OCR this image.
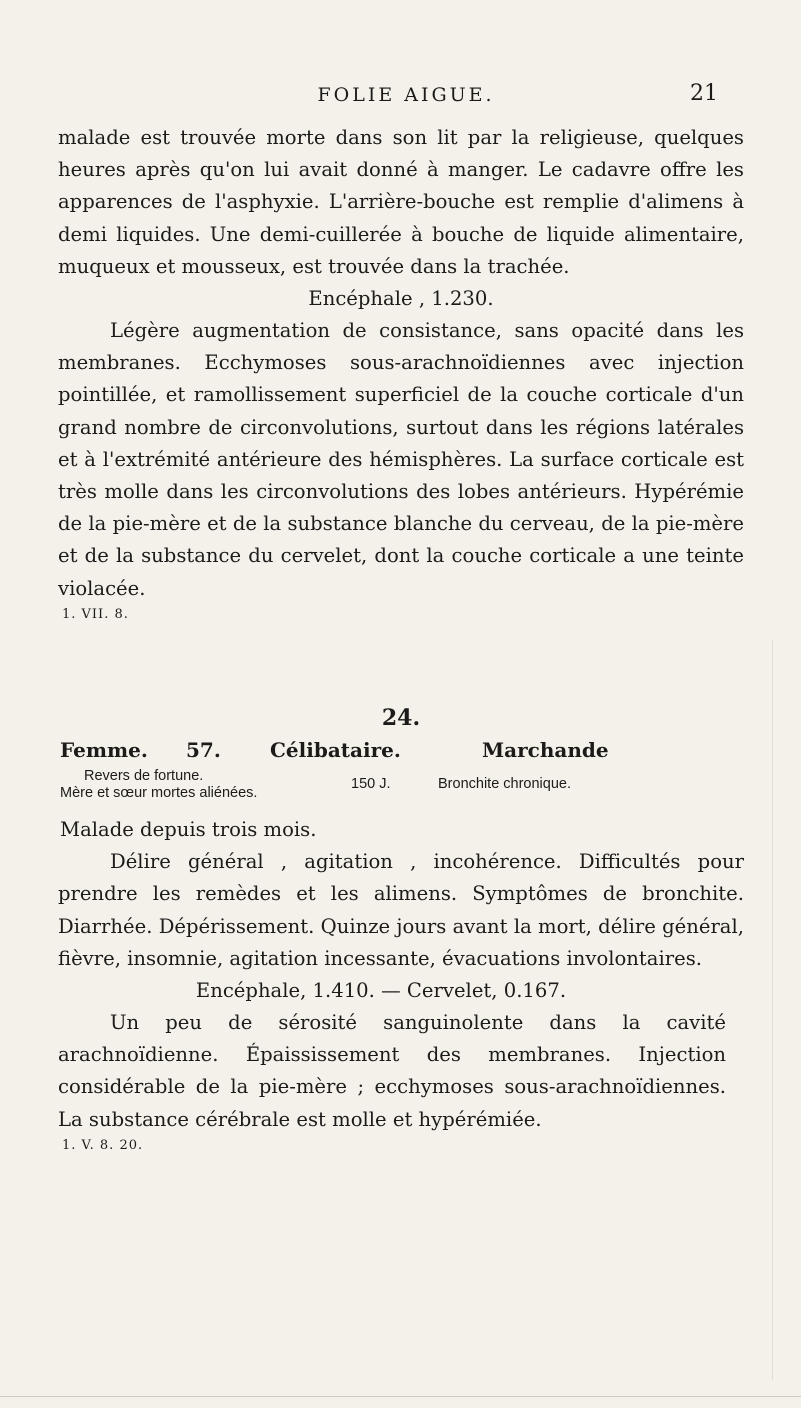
FOLIE AIGUE.	21

malade est trouvée morte dans son lit par la religieuse, quelques heures après qu'on lui avait donné à manger. Le cadavre offre les apparences de l'asphyxie. L'arrière-bouche est remplie d'alimens à demi liquides. Une demi-cuillerée à bouche de liquide alimentaire, muqueux et mousseux, est trouvée dans la trachée.

Encéphale , 1.230.

Légère augmentation de consistance, sans opacité dans les membranes. Ecchymoses sous-arachnoïdiennes avec injection pointillée, et ramollissement superficiel de la couche corticale d'un grand nombre de circonvolutions, surtout dans les régions latérales et à l'extrémité antérieure des hémisphères. La surface corticale est très molle dans les circonvolutions des lobes antérieurs. Hypérémie de la pie-mère et de la substance blanche du cerveau, de la pie-mère et de la substance du cervelet, dont la couche corticale a une teinte violacée.

1. VII. 8.
24.
Femme. 57. Célibataire.	Marchande
Revers de fortune.
Mère et sœur mortes aliénées.
150 J.	Bronchite chronique.

Malade depuis trois mois.

Délire général , agitation , incohérence. Difficultés pour prendre les remèdes et les alimens. Symptômes de bronchite. Diarrhée. Dépérissement. Quinze jours avant la mort, délire général, fièvre, insomnie, agitation incessante, évacuations involontaires.

Encéphale, 1.410. — Cervelet, 0.167.

Un peu de sérosité sanguinolente dans la cavité arachnoïdienne. Épaississement des membranes. Injection considérable de la pie-mère ; ecchymoses sous-arachnoïdiennes. La substance cérébrale est molle et hypérémiée.

1. V. 8. 20.
